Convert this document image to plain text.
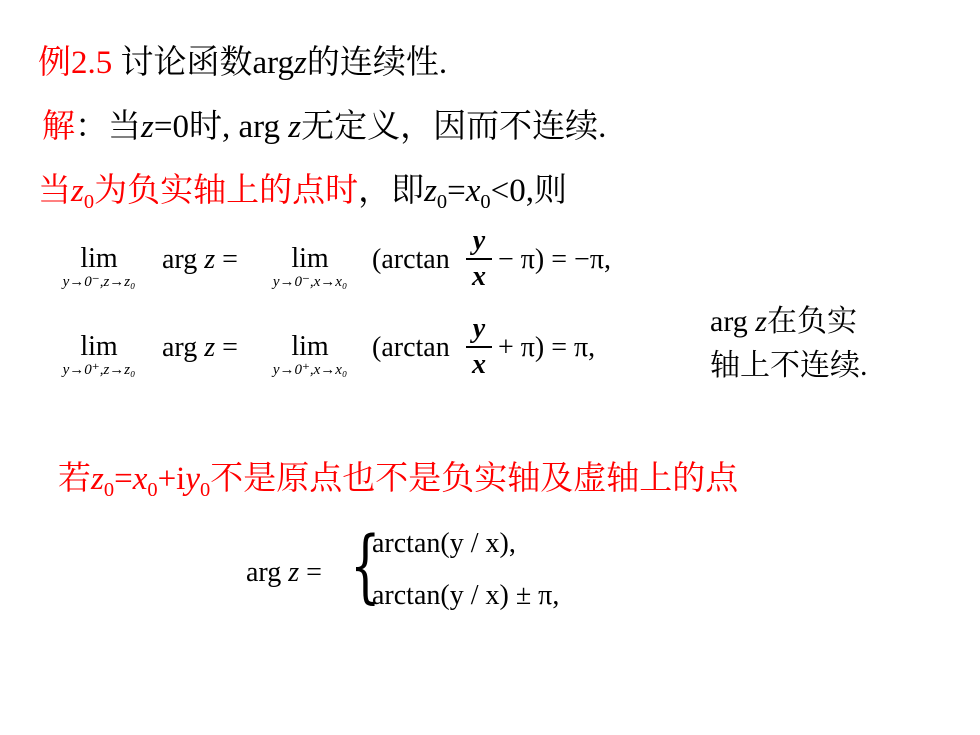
例2.5 讨论函数argz的连续性.
解：当z=0时, arg z无定义，因而不连续.
当$z_0$为负实轴上的点时，即$z_0=x_0<0$,则
lim
y→0⁻,z→z₀
arg z =	lim
y→0⁻,x→x₀
(arctan
y
x
− π) = −π,
lim
y→0⁺,z→z₀
arg z =	lim
y→0⁺,x→x₀
(arctan
y
x
+ π) = π,
arg z在负实
轴上不连续.
若$z_0=x_0+iy_0$不是原点也不是负实轴及虚轴上的点
arg z = {
arctan(y / x),
arctan(y / x) ± π,
